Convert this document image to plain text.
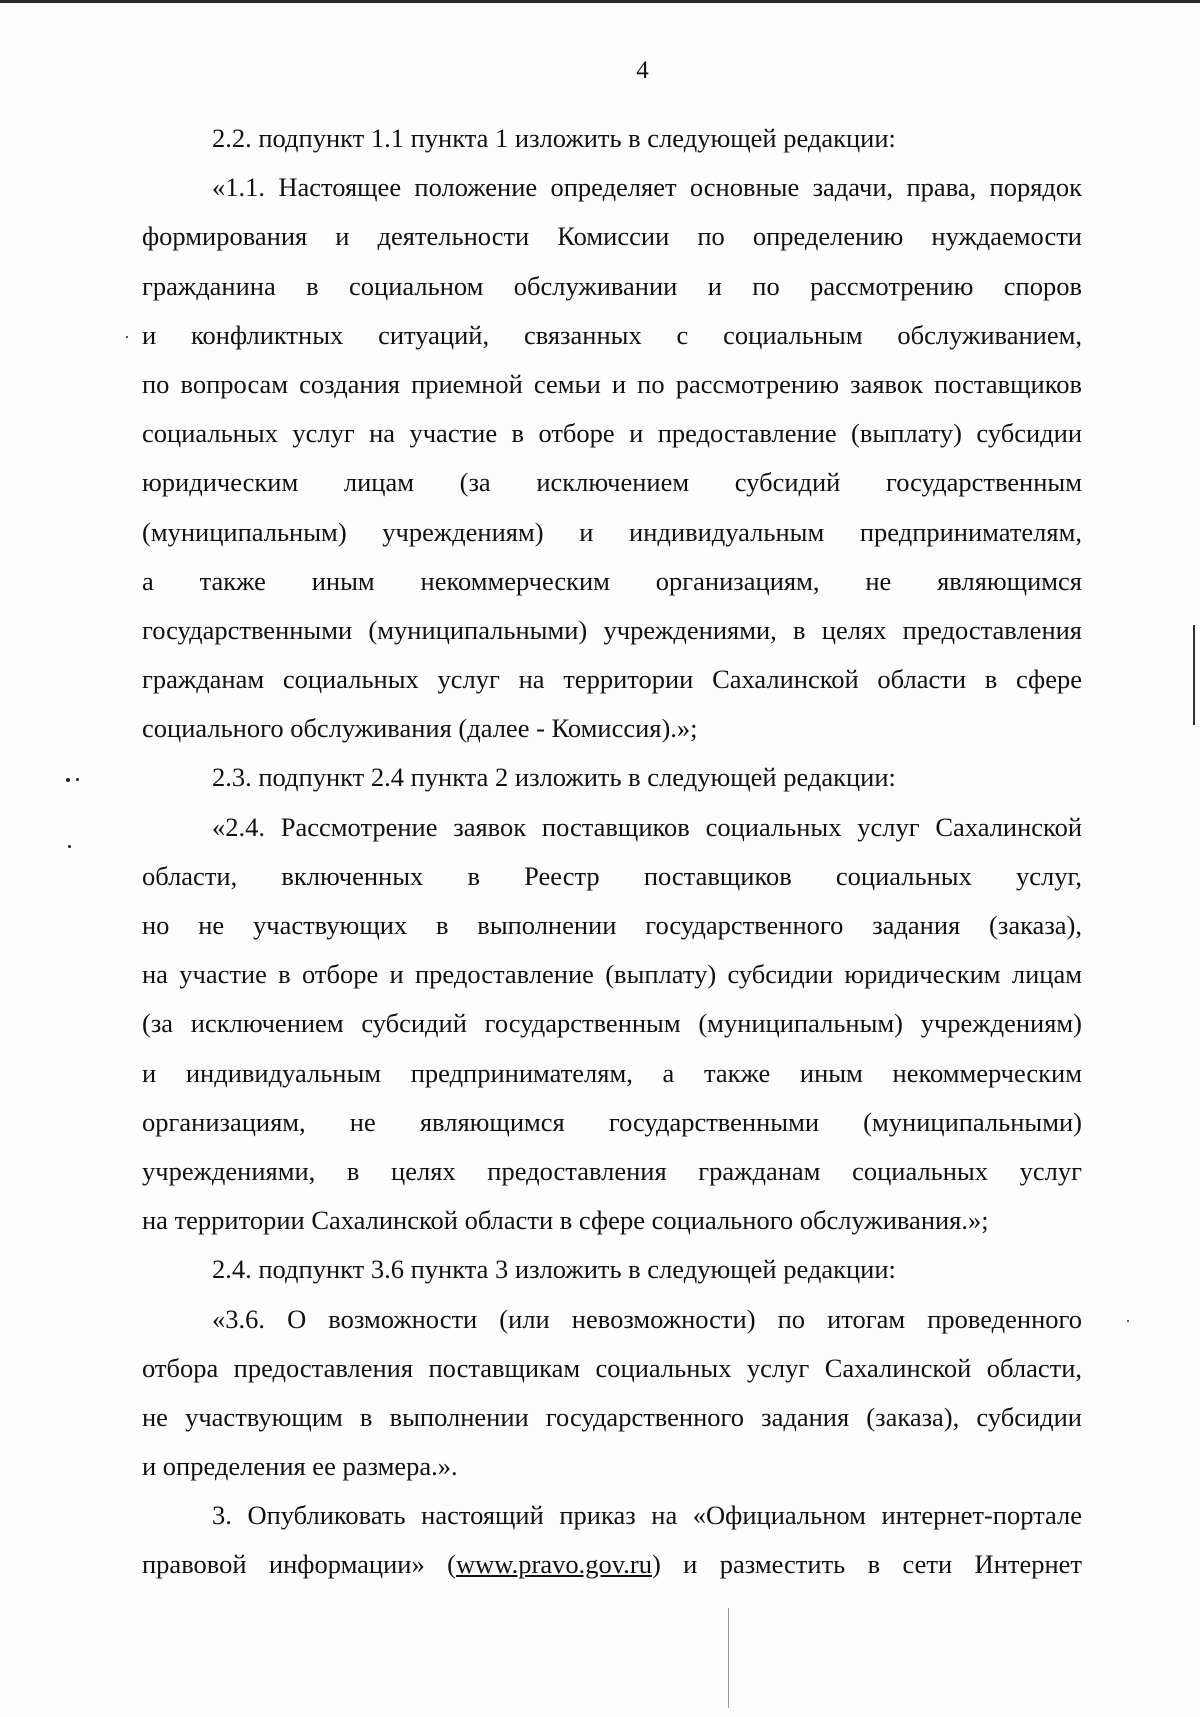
4
2.2. подпункт 1.1 пункта 1 изложить в следующей редакции:
«1.1. Настоящее положение определяет основные задачи, права, порядок
формирования и деятельности Комиссии по определению нуждаемости
гражданина в социальном обслуживании и по рассмотрению споров
и конфликтных ситуаций, связанных с социальным обслуживанием,
по вопросам создания приемной семьи и по рассмотрению заявок поставщиков
социальных услуг на участие в отборе и предоставление (выплату) субсидии
юридическим лицам (за исключением субсидий государственным
(муниципальным) учреждениям) и индивидуальным предпринимателям,
а также иным некоммерческим организациям, не являющимся
государственными (муниципальными) учреждениями, в целях предоставления
гражданам социальных услуг на территории Сахалинской области в сфере
социального обслуживания (далее - Комиссия).»;
2.3. подпункт 2.4 пункта 2 изложить в следующей редакции:
«2.4. Рассмотрение заявок поставщиков социальных услуг Сахалинской
области, включенных в Реестр поставщиков социальных услуг,
но не участвующих в выполнении государственного задания (заказа),
на участие в отборе и предоставление (выплату) субсидии юридическим лицам
(за исключением субсидий государственным (муниципальным) учреждениям)
и индивидуальным предпринимателям, а также иным некоммерческим
организациям, не являющимся государственными (муниципальными)
учреждениями, в целях предоставления гражданам социальных услуг
на территории Сахалинской области в сфере социального обслуживания.»;
2.4. подпункт 3.6 пункта 3 изложить в следующей редакции:
«3.6. О возможности (или невозможности) по итогам проведенного
отбора предоставления поставщикам социальных услуг Сахалинской области,
не участвующим в выполнении государственного задания (заказа), субсидии
и определения ее размера.».
3. Опубликовать настоящий приказ на «Официальном интернет-портале
правовой информации» (www.pravo.gov.ru) и разместить в сети Интернет
